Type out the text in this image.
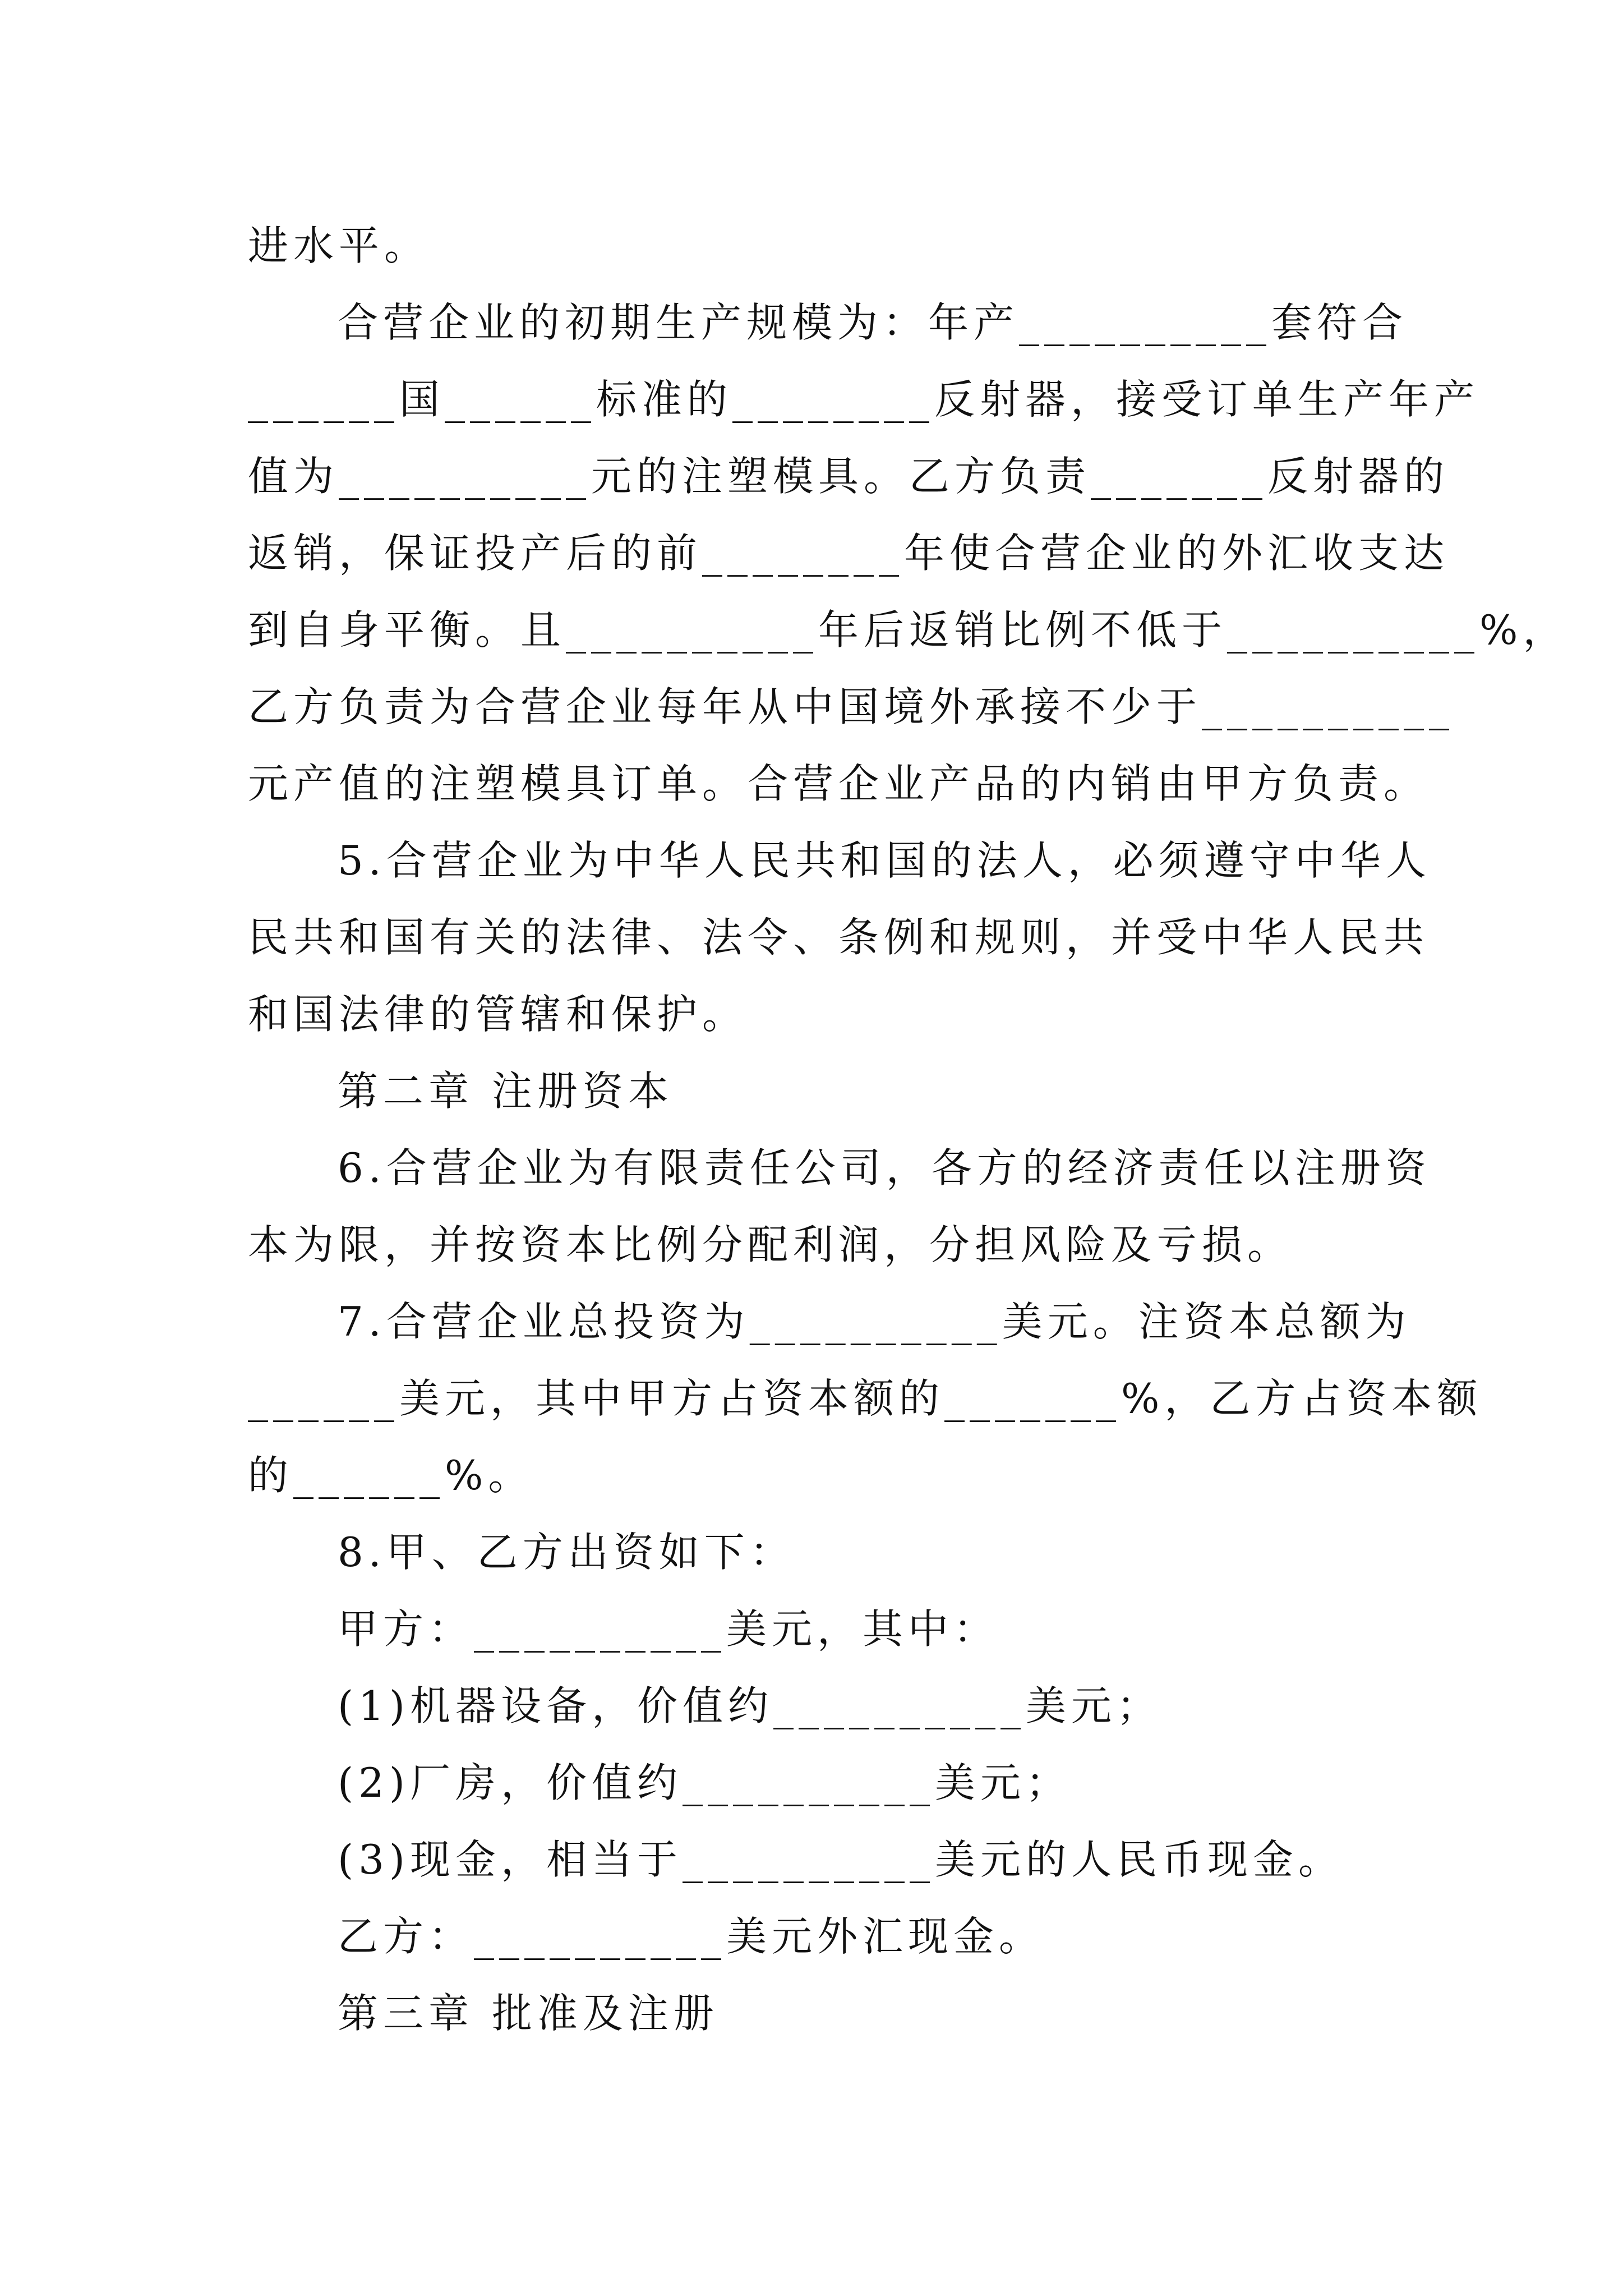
进水平。
合营企业的初期生产规模为：年产__________套符合
______国______标准的________反射器，接受订单生产年产
值为__________元的注塑模具。乙方负责_______反射器的
返销，保证投产后的前________年使合营企业的外汇收支达
到自身平衡。且__________年后返销比例不低于__________%，
乙方负责为合营企业每年从中国境外承接不少于__________
元产值的注塑模具订单。合营企业产品的内销由甲方负责。
5.合营企业为中华人民共和国的法人，必须遵守中华人
民共和国有关的法律、法令、条例和规则，并受中华人民共
和国法律的管辖和保护。
第二章 注册资本
6.合营企业为有限责任公司，各方的经济责任以注册资
本为限，并按资本比例分配利润，分担风险及亏损。
7.合营企业总投资为__________美元。注资本总额为
______美元，其中甲方占资本额的_______%，乙方占资本额
的______%。
8.甲、乙方出资如下：
甲方：__________美元，其中：
(1)机器设备，价值约__________美元；
(2)厂房，价值约__________美元；
(3)现金，相当于__________美元的人民币现金。
乙方：__________美元外汇现金。
第三章 批准及注册
